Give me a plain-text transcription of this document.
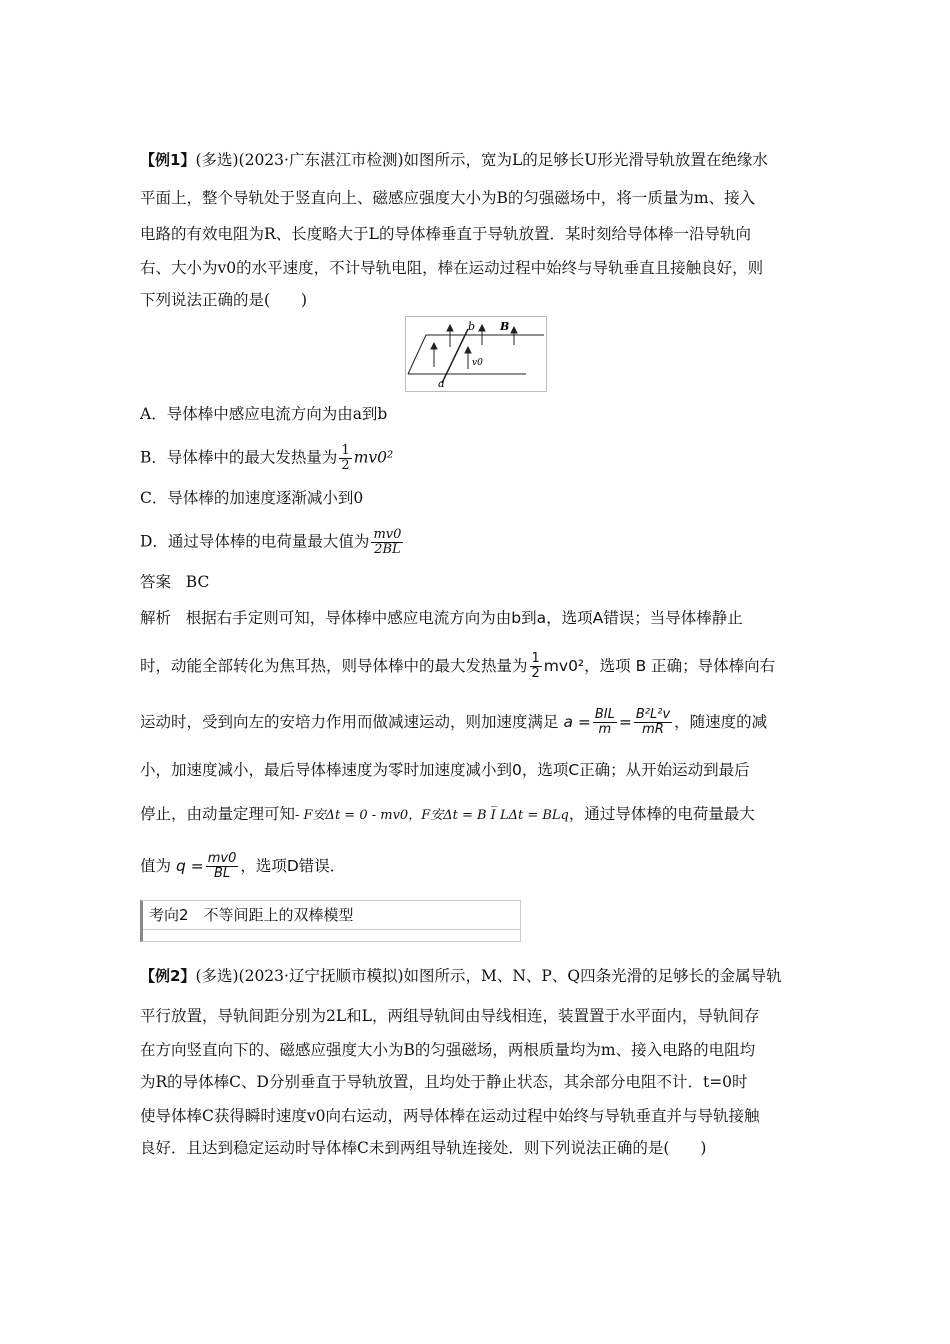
【例1】(多选)(2023·广东湛江市检测)如图所示，宽为L的足够长U形光滑导轨放置在绝缘水
平面上，整个导轨处于竖直向上、磁感应强度大小为B的匀强磁场中，将一质量为m、接入
电路的有效电阻为R、长度略大于L的导体棒垂直于导轨放置．某时刻给导体棒一沿导轨向
右、大小为v0的水平速度，不计导轨电阻，棒在运动过程中始终与导轨垂直且接触良好，则
下列说法正确的是(　　)
b B
v0
a
A．导体棒中感应电流方向为由a到b
B．导体棒中的最大发热量为 $\frac{1}{2} mv0^2$
C．导体棒的加速度逐渐减小到0
D．通过导体棒的电荷量最大值为 $\frac{mv0}{2BL}$
答案 BC
解析 根据右手定则可知，导体棒中感应电流方向为由b到a，选项A错误；当导体棒静止
时，动能全部转化为焦耳热，则导体棒中的最大发热量为 $\frac{1}{2} mv0^2$，选项 B 正确；导体棒向右
运动时，受到向左的安培力作用而做减速运动，则加速度满足 $a = \frac{\text{BIL}}{m} = \frac{\text{B²L²v}}{mR}$ ，随速度的减
小，加速度减小，最后导体棒速度为零时加速度减小到0，选项C正确；从开始运动到最后
停止，由动量定理可知- F安Δt = 0 - mv0，F安Δt = B I̅ LΔt = BLq，通过导体棒的电荷量最大
值为 $q = \frac{mv0}{BL}$ ，选项D错误．
考向2　不等间距上的双棒模型
【例2】(多选)(2023·辽宁抚顺市模拟)如图所示，M、N、P、Q四条光滑的足够长的金属导轨
平行放置，导轨间距分别为2L和L，两组导轨间由导线相连，装置置于水平面内，导轨间存
在方向竖直向下的、磁感应强度大小为B的匀强磁场，两根质量均为m、接入电路的电阻均
为R的导体棒C、D分别垂直于导轨放置，且均处于静止状态，其余部分电阻不计．t=0时
使导体棒C获得瞬时速度v0向右运动，两导体棒在运动过程中始终与导轨垂直并与导轨接触
良好．且达到稳定运动时导体棒C未到两组导轨连接处．则下列说法正确的是(　　)
